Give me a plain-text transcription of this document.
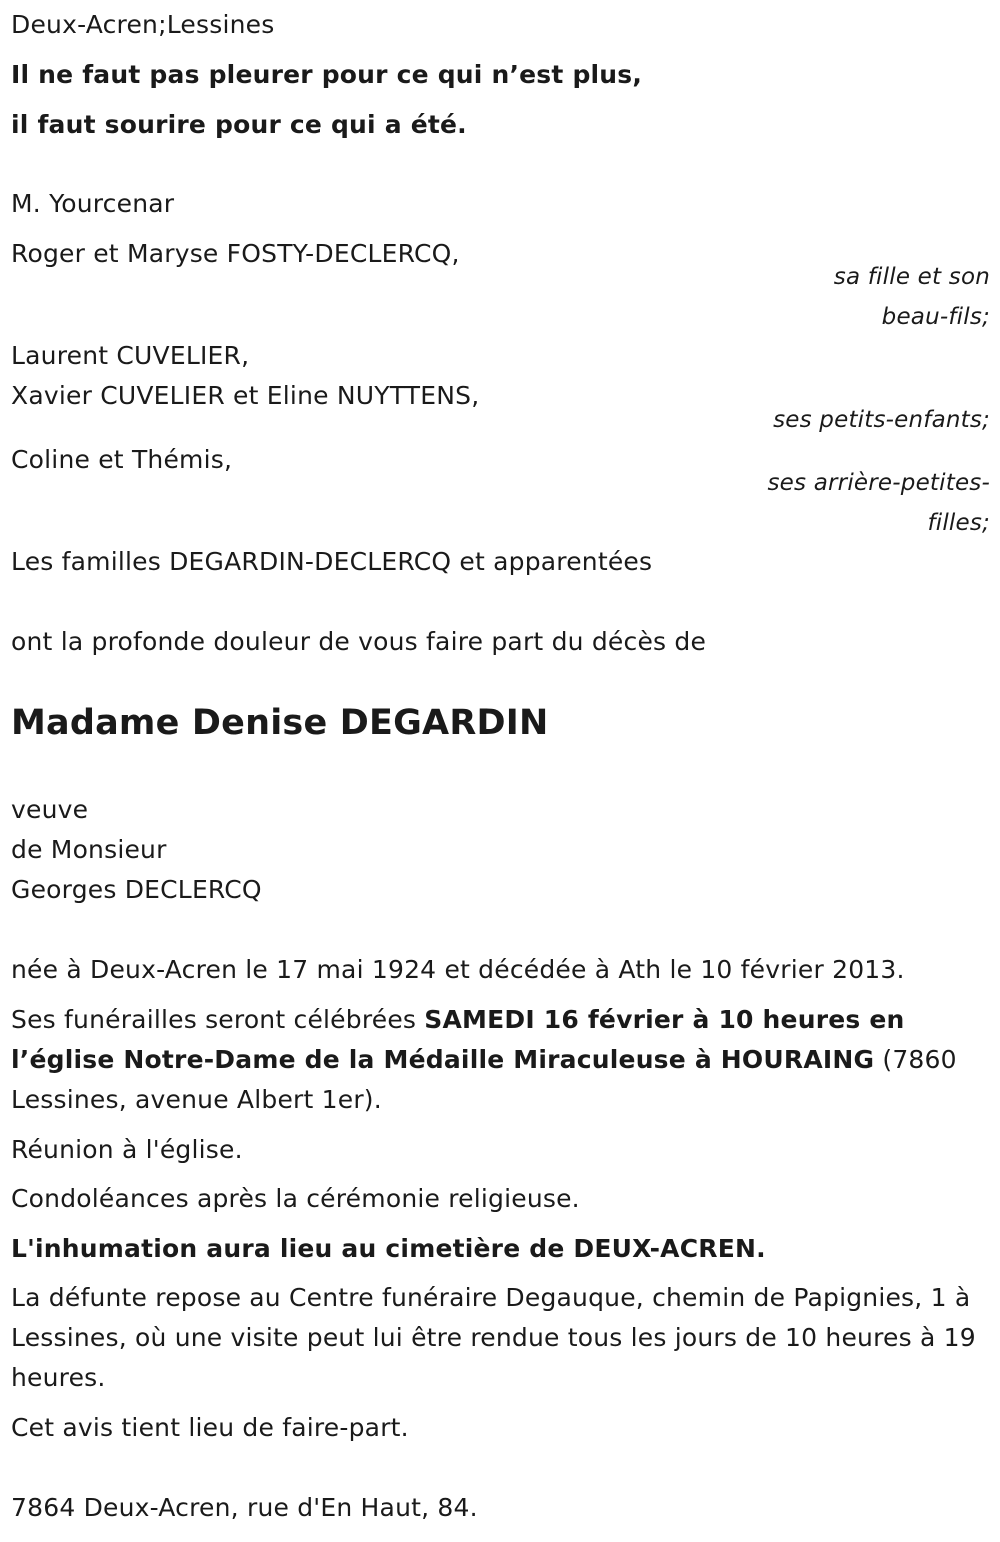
Deux-Acren;Lessines
Il ne faut pas pleurer pour ce qui n’est plus,
il faut sourire pour ce qui a été.
M. Yourcenar
Roger et Maryse FOSTY-DECLERCQ,
sa fille et son
beau-fils;
Laurent CUVELIER,
Xavier CUVELIER et Eline NUYTTENS,
ses petits-enfants;
Coline et Thémis,
ses arrière-petites-
filles;
Les familles DEGARDIN-DECLERCQ et apparentées
ont la profonde douleur de vous faire part du décès de
Madame Denise DEGARDIN
veuve
de Monsieur
Georges DECLERCQ
née à Deux-Acren le 17 mai 1924 et décédée à Ath le 10 février 2013.
Ses funérailles seront célébrées SAMEDI 16 février à 10 heures en l’église Notre-Dame de la Médaille Miraculeuse à HOURAING (7860 Lessines, avenue Albert 1er).
Réunion à l'église.
Condoléances après la cérémonie religieuse.
L'inhumation aura lieu au cimetière de DEUX-ACREN.
La défunte repose au Centre funéraire Degauque, chemin de Papignies, 1 à Lessines, où une visite peut lui être rendue tous les jours de 10 heures à 19 heures.
Cet avis tient lieu de faire-part.
7864 Deux-Acren, rue d'En Haut, 84.
